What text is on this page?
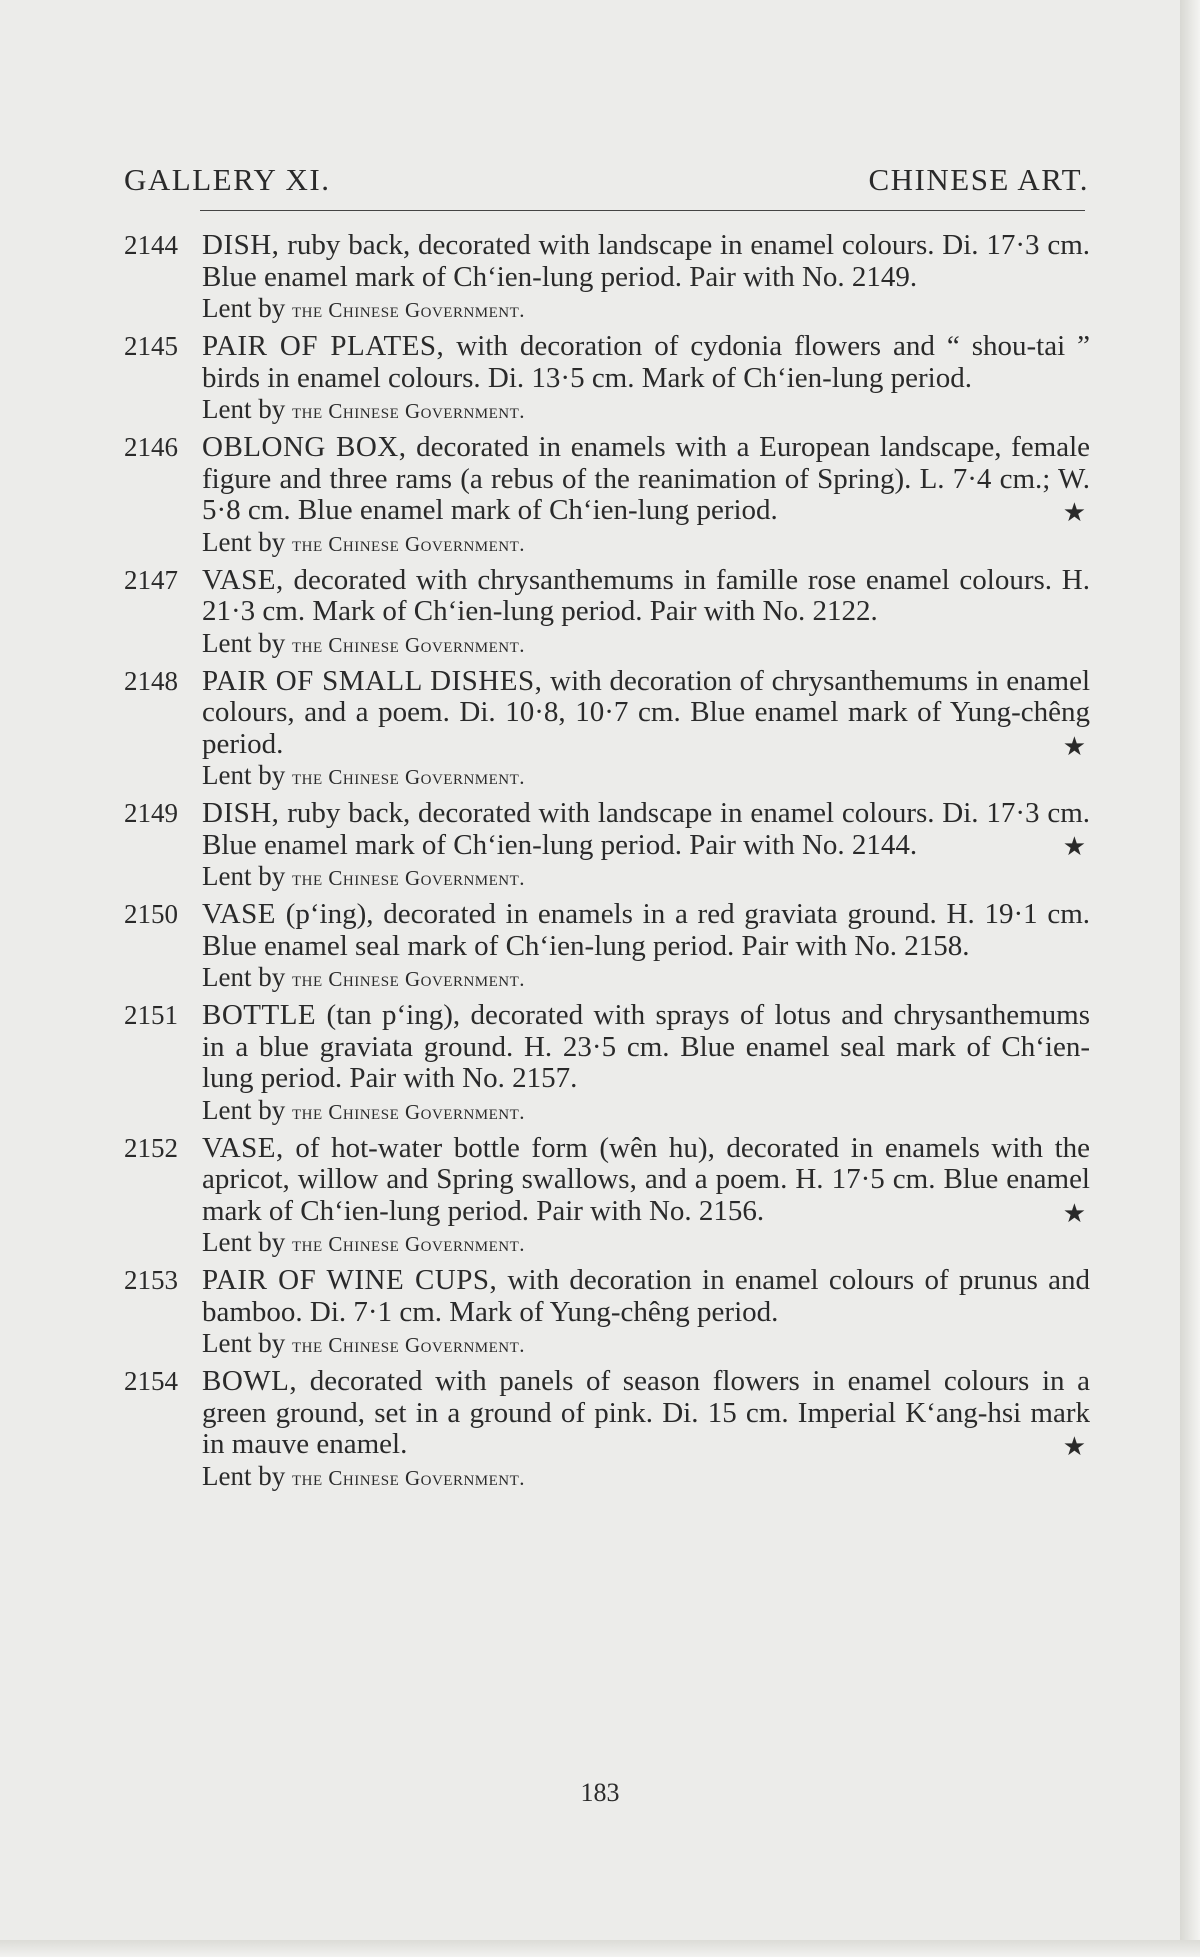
GALLERY XI.	CHINESE ART.
2144 DISH, ruby back, decorated with landscape in enamel colours. Di. 17·3 cm. Blue enamel mark of Ch‘ien-lung period. Pair with No. 2149.
Lent by the Chinese Government.
2145 PAIR OF PLATES, with decoration of cydonia flowers and “ shou-tai ” birds in enamel colours. Di. 13·5 cm. Mark of Ch‘ien-lung period.
Lent by the Chinese Government.
2146 OBLONG BOX, decorated in enamels with a European landscape, female figure and three rams (a rebus of the reanimation of Spring). L. 7·4 cm.; W. 5·8 cm. Blue enamel mark of Ch‘ien-lung period.
Lent by the Chinese Government.
★
2147 VASE, decorated with chrysanthemums in famille rose enamel colours. H. 21·3 cm. Mark of Ch‘ien-lung period. Pair with No. 2122.
Lent by the Chinese Government.
2148 PAIR OF SMALL DISHES, with decoration of chrysanthemums in enamel colours, and a poem. Di. 10·8, 10·7 cm. Blue enamel mark of Yung-chêng period.
Lent by the Chinese Government.
★
2149 DISH, ruby back, decorated with landscape in enamel colours. Di. 17·3 cm. Blue enamel mark of Ch‘ien-lung period. Pair with No. 2144.
Lent by the Chinese Government.
★
2150 VASE (p‘ing), decorated in enamels in a red graviata ground. H. 19·1 cm. Blue enamel seal mark of Ch‘ien-lung period. Pair with No. 2158.
Lent by the Chinese Government.
2151 BOTTLE (tan p‘ing), decorated with sprays of lotus and chrysanthemums in a blue graviata ground. H. 23·5 cm. Blue enamel seal mark of Ch‘ien-lung period. Pair with No. 2157.
Lent by the Chinese Government.
2152 VASE, of hot-water bottle form (wên hu), decorated in enamels with the apricot, willow and Spring swallows, and a poem. H. 17·5 cm. Blue enamel mark of Ch‘ien-lung period. Pair with No. 2156.
Lent by the Chinese Government.
★
2153 PAIR OF WINE CUPS, with decoration in enamel colours of prunus and bamboo. Di. 7·1 cm. Mark of Yung-chêng period.
Lent by the Chinese Government.
2154 BOWL, decorated with panels of season flowers in enamel colours in a green ground, set in a ground of pink. Di. 15 cm. Imperial K‘ang-hsi mark in mauve enamel.
Lent by the Chinese Government.
★
183
